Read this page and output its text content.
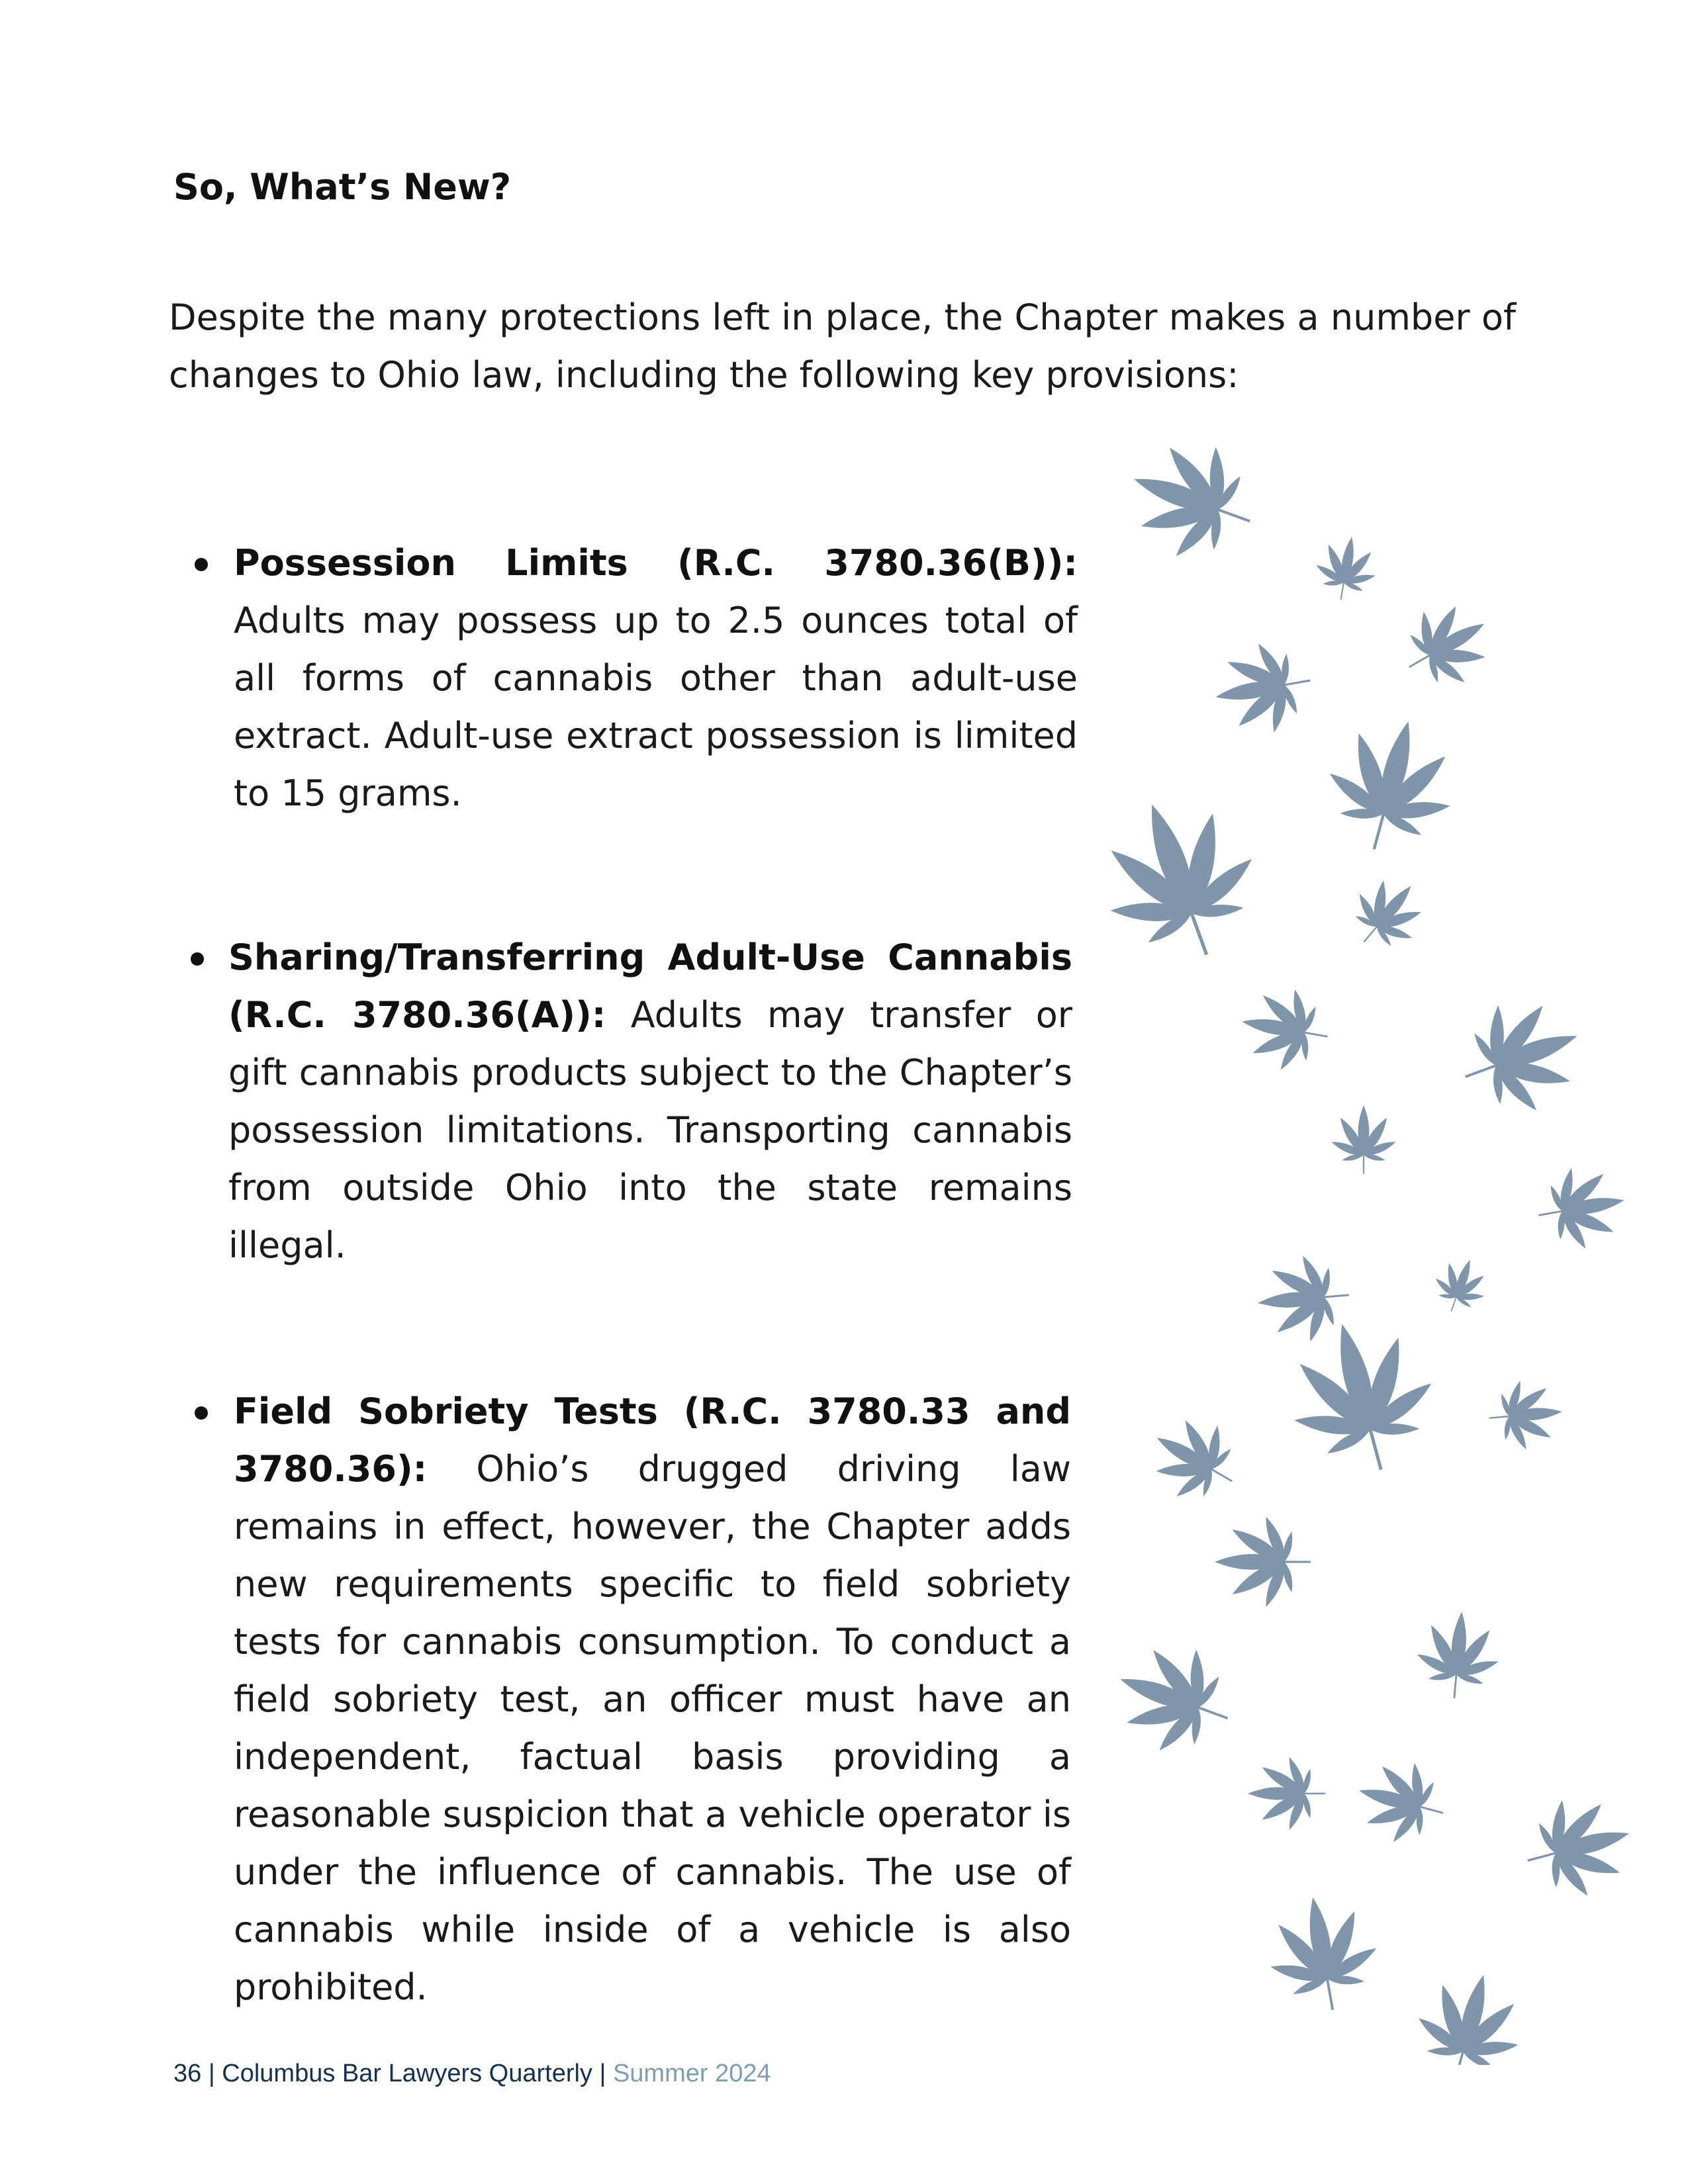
So, What’s New?

Despite the many protections left in place, the Chapter makes a number of changes to Ohio law, including the following key provisions:

Possession Limits (R.C. 3780.36(B)): Adults may possess up to 2.5 ounces total of all forms of cannabis other than adult-use extract. Adult-use extract possession is limited to 15 grams.
Sharing/Transferring Adult-Use Cannabis (R.C. 3780.36(A)): Adults may transfer or gift cannabis products subject to the Chapter’s possession limitations. Transporting cannabis from outside Ohio into the state remains illegal.
Field Sobriety Tests (R.C. 3780.33 and 3780.36): Ohio’s drugged driving law remains in effect, however, the Chapter adds new requirements specific to field sobriety tests for cannabis consumption. To conduct a field sobriety test, an officer must have an independent, factual basis providing a reasonable suspicion that a vehicle operator is under the influence of cannabis. The use of cannabis while inside of a vehicle is also prohibited.
36 | Columbus Bar Lawyers Quarterly | Summer 2024
